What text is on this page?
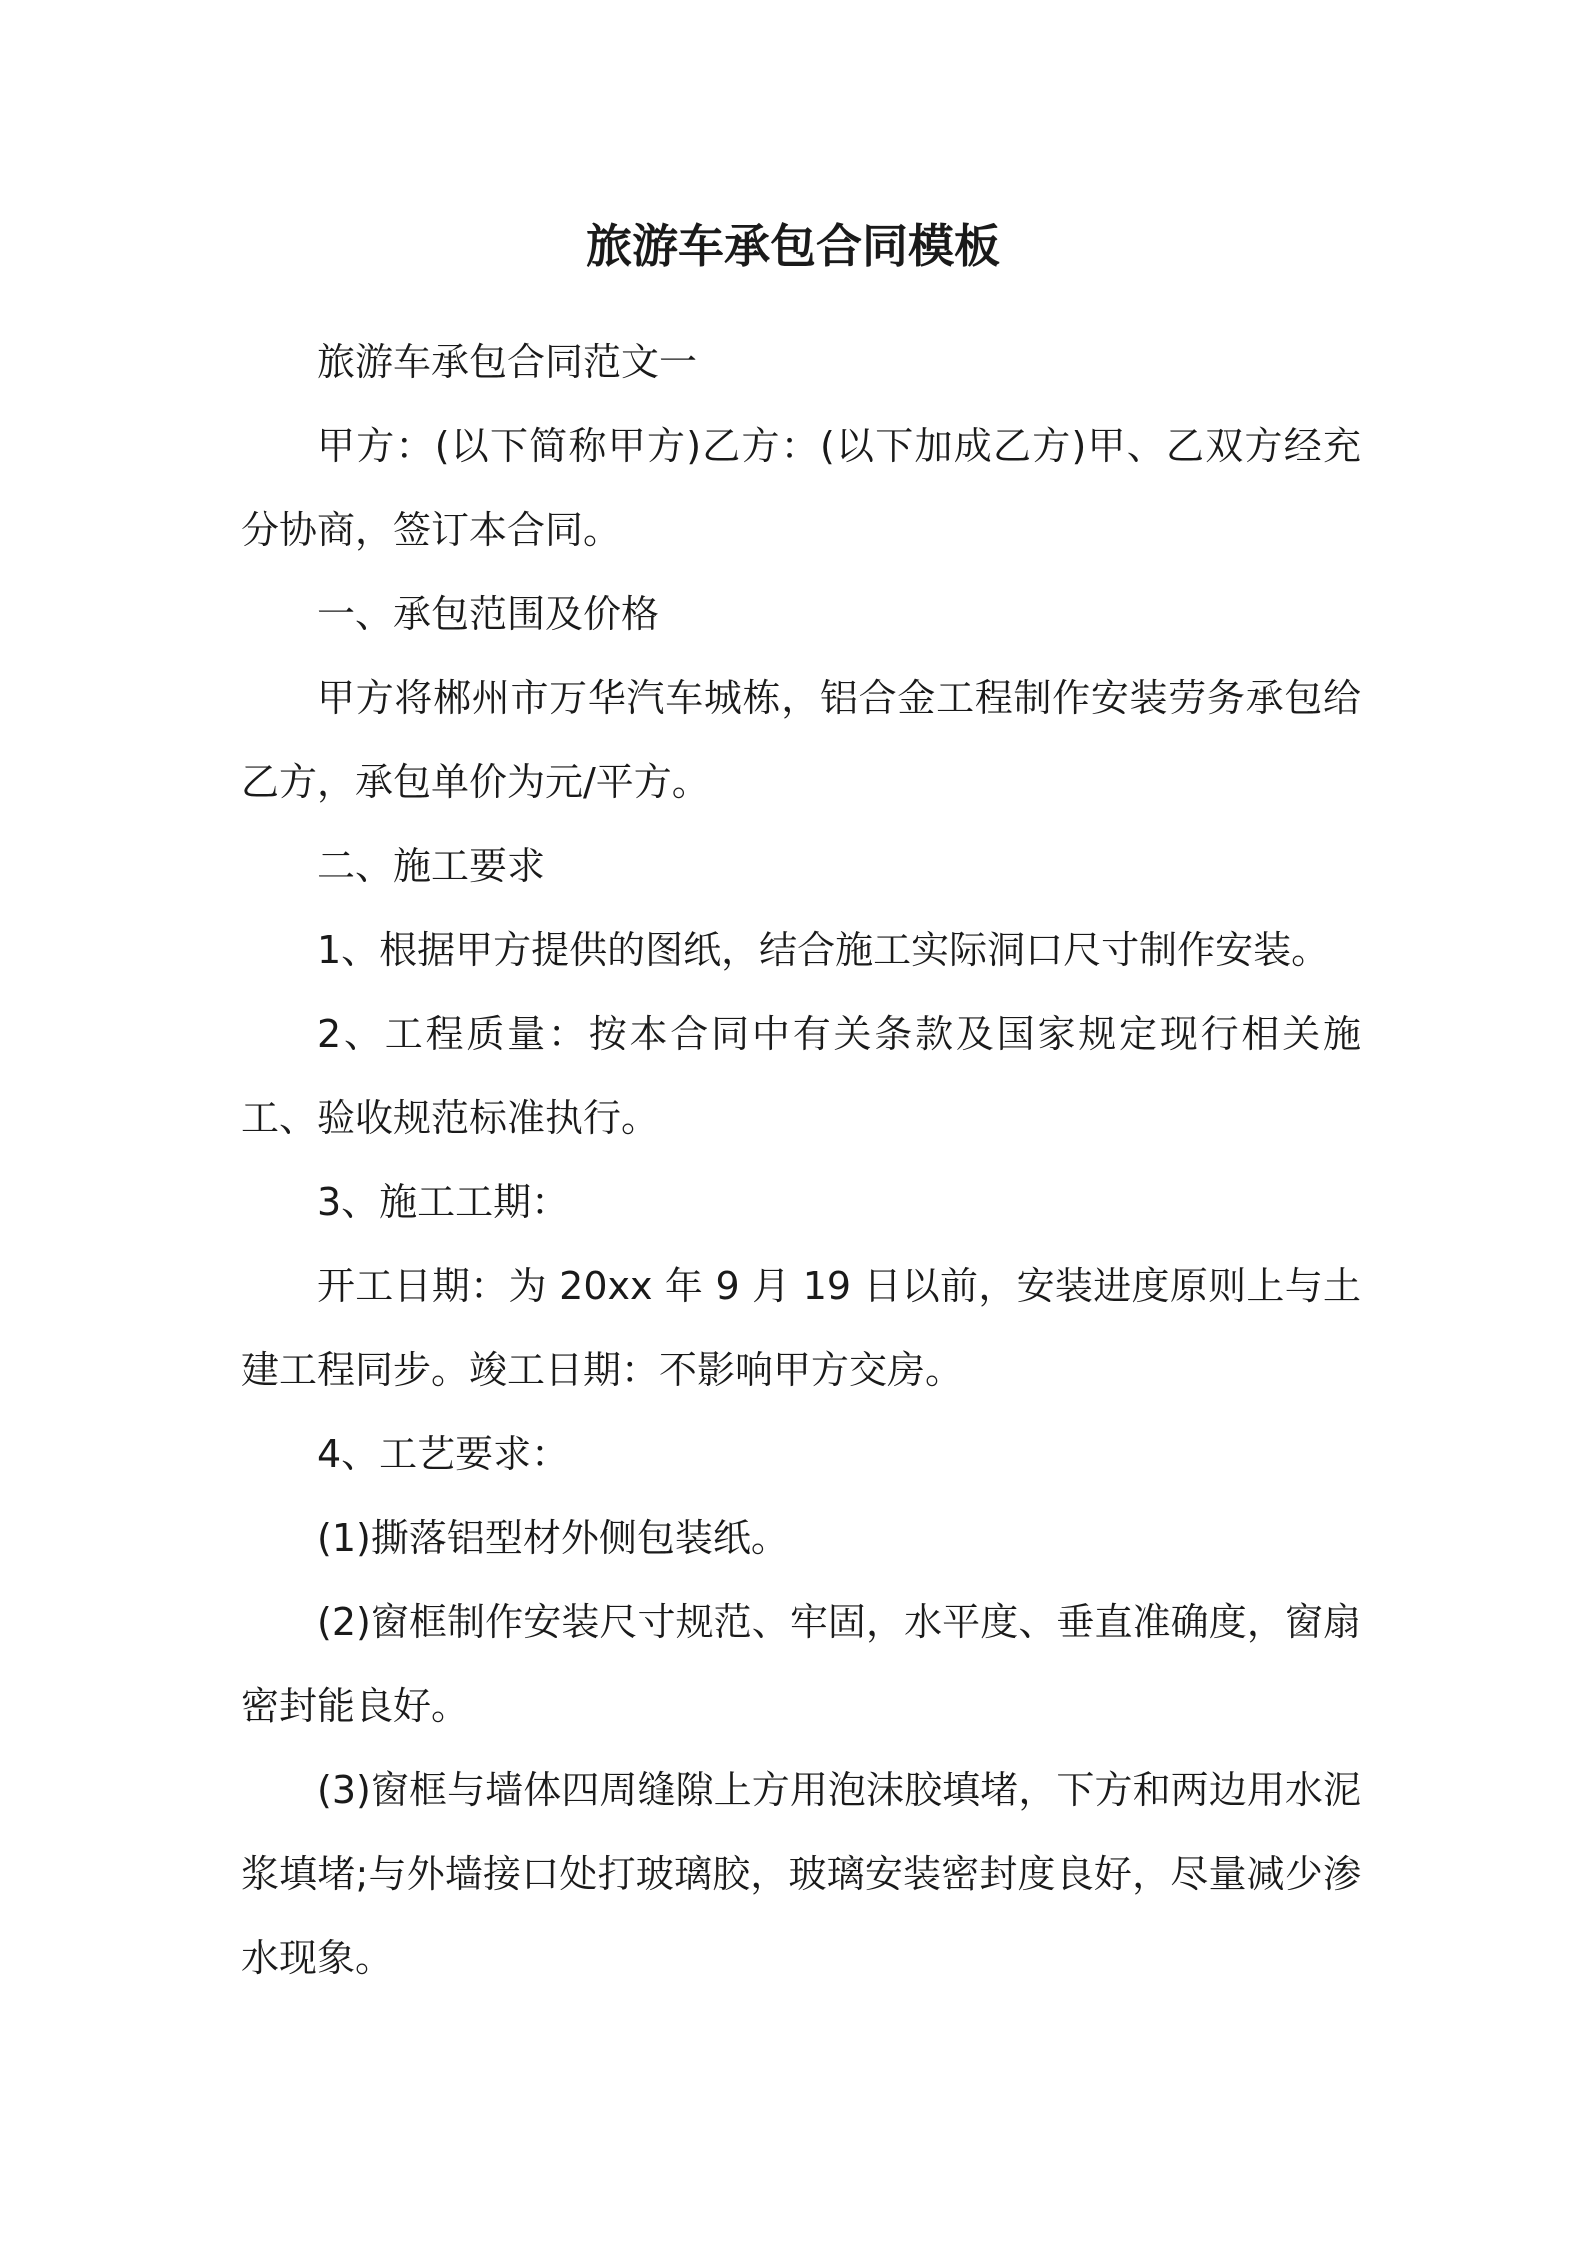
旅游车承包合同模板

旅游车承包合同范文一

甲方：(以下简称甲方)乙方：(以下加成乙方)甲、乙双方经充分协商，签订本合同。

一、承包范围及价格

甲方将郴州市万华汽车城栋，铝合金工程制作安装劳务承包给乙方，承包单价为元/平方。

二、施工要求

1、根据甲方提供的图纸，结合施工实际洞口尺寸制作安装。

2、工程质量：按本合同中有关条款及国家规定现行相关施工、验收规范标准执行。

3、施工工期：

开工日期：为 20xx 年 9 月 19 日以前，安装进度原则上与土建工程同步。竣工日期：不影响甲方交房。

4、工艺要求：

(1)撕落铝型材外侧包装纸。

(2)窗框制作安装尺寸规范、牢固，水平度、垂直准确度，窗扇密封能良好。

(3)窗框与墙体四周缝隙上方用泡沫胶填堵，下方和两边用水泥浆填堵;与外墙接口处打玻璃胶，玻璃安装密封度良好，尽量减少渗水现象。
